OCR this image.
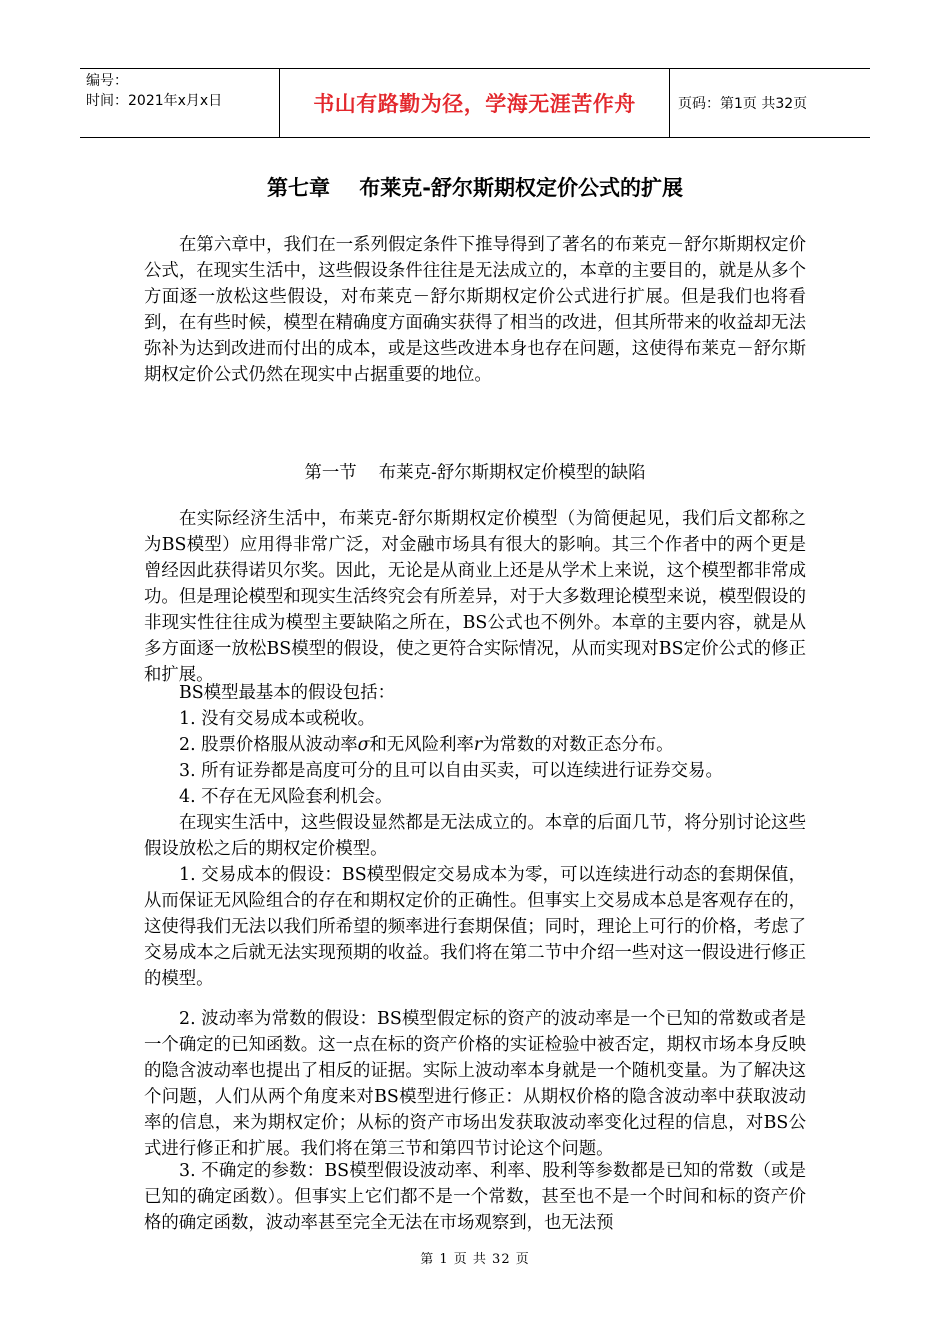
编号：
时间：2021年x月x日	书山有路勤为径，学海无涯苦作舟	页码：第1页 共32页
第七章    布莱克-舒尔斯期权定价公式的扩展

在第六章中，我们在一系列假定条件下推导得到了著名的布莱克－舒尔斯期权定价公式，在现实生活中，这些假设条件往往是无法成立的，本章的主要目的，就是从多个方面逐一放松这些假设，对布莱克－舒尔斯期权定价公式进行扩展。但是我们也将看到，在有些时候，模型在精确度方面确实获得了相当的改进，但其所带来的收益却无法弥补为达到改进而付出的成本，或是这些改进本身也存在问题，这使得布莱克－舒尔斯期权定价公式仍然在现实中占据重要的地位。

第一节    布莱克-舒尔斯期权定价模型的缺陷

在实际经济生活中，布莱克-舒尔斯期权定价模型（为简便起见，我们后文都称之为BS模型）应用得非常广泛，对金融市场具有很大的影响。其三个作者中的两个更是曾经因此获得诺贝尔奖。因此，无论是从商业上还是从学术上来说，这个模型都非常成功。但是理论模型和现实生活终究会有所差异，对于大多数理论模型来说，模型假设的非现实性往往成为模型主要缺陷之所在，BS公式也不例外。本章的主要内容，就是从多方面逐一放松BS模型的假设，使之更符合实际情况，从而实现对BS定价公式的修正和扩展。

BS模型最基本的假设包括：

1. 没有交易成本或税收。

2. 股票价格服从波动率σ和无风险利率r为常数的对数正态分布。

3. 所有证券都是高度可分的且可以自由买卖，可以连续进行证券交易。

4. 不存在无风险套利机会。

在现实生活中，这些假设显然都是无法成立的。本章的后面几节，将分别讨论这些假设放松之后的期权定价模型。

1. 交易成本的假设：BS模型假定交易成本为零，可以连续进行动态的套期保值，从而保证无风险组合的存在和期权定价的正确性。但事实上交易成本总是客观存在的，这使得我们无法以我们所希望的频率进行套期保值；同时，理论上可行的价格，考虑了交易成本之后就无法实现预期的收益。我们将在第二节中介绍一些对这一假设进行修正的模型。

2. 波动率为常数的假设：BS模型假定标的资产的波动率是一个已知的常数或者是一个确定的已知函数。这一点在标的资产价格的实证检验中被否定，期权市场本身反映的隐含波动率也提出了相反的证据。实际上波动率本身就是一个随机变量。为了解决这个问题，人们从两个角度来对BS模型进行修正：从期权价格的隐含波动率中获取波动率的信息，来为期权定价；从标的资产市场出发获取波动率变化过程的信息，对BS公式进行修正和扩展。我们将在第三节和第四节讨论这个问题。

3. 不确定的参数：BS模型假设波动率、利率、股利等参数都是已知的常数（或是已知的确定函数）。但事实上它们都不是一个常数，甚至也不是一个时间和标的资产价格的确定函数，波动率甚至完全无法在市场观察到，也无法预

第 1 页 共 32 页
